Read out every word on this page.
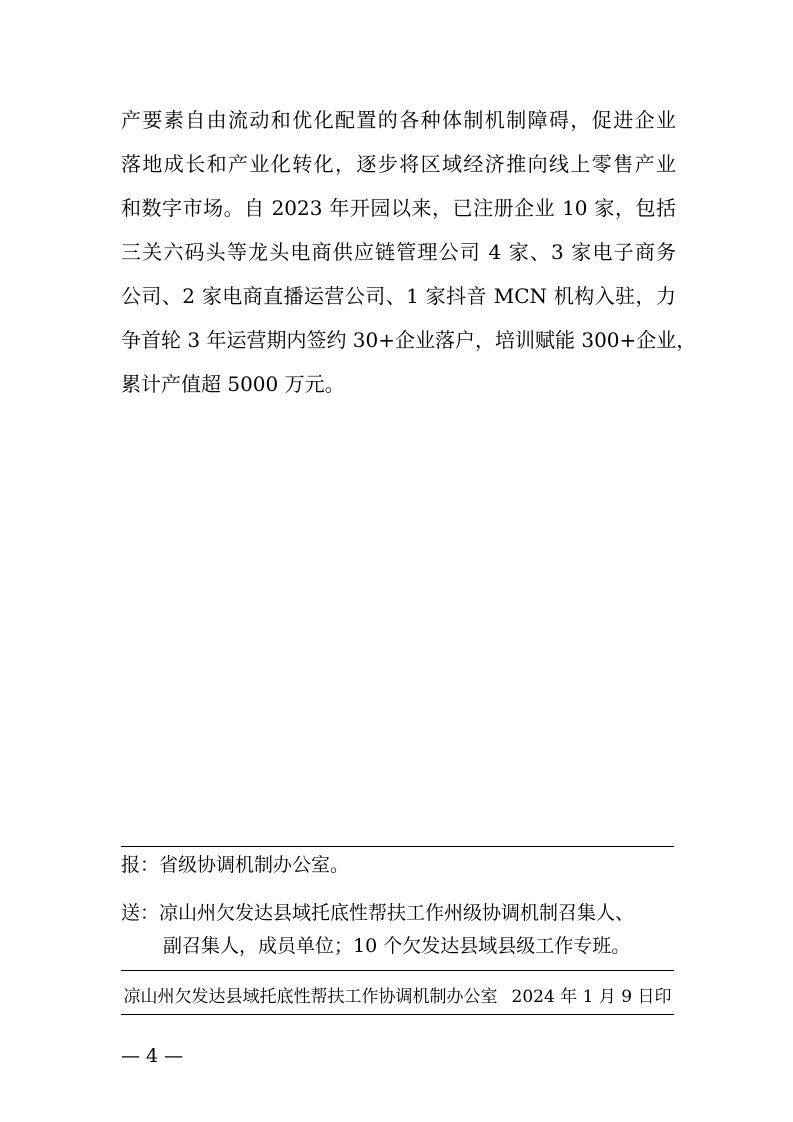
产要素自由流动和优化配置的各种体制机制障碍，促进企业
落地成长和产业化转化，逐步将区域经济推向线上零售产业
和数字市场。自 2023 年开园以来，已注册企业 10 家，包括
三关六码头等龙头电商供应链管理公司 4 家、3 家电子商务
公司、2 家电商直播运营公司、1 家抖音 MCN 机构入驻，力
争首轮 3 年运营期内签约 30+企业落户，培训赋能 300+企业，
累计产值超 5000 万元。
报：省级协调机制办公室。
送：凉山州欠发达县域托底性帮扶工作州级协调机制召集人、
副召集人，成员单位；10 个欠发达县域县级工作专班。
凉山州欠发达县域托底性帮扶工作协调机制办公室 2024 年 1 月 9 日印
— 4 —
